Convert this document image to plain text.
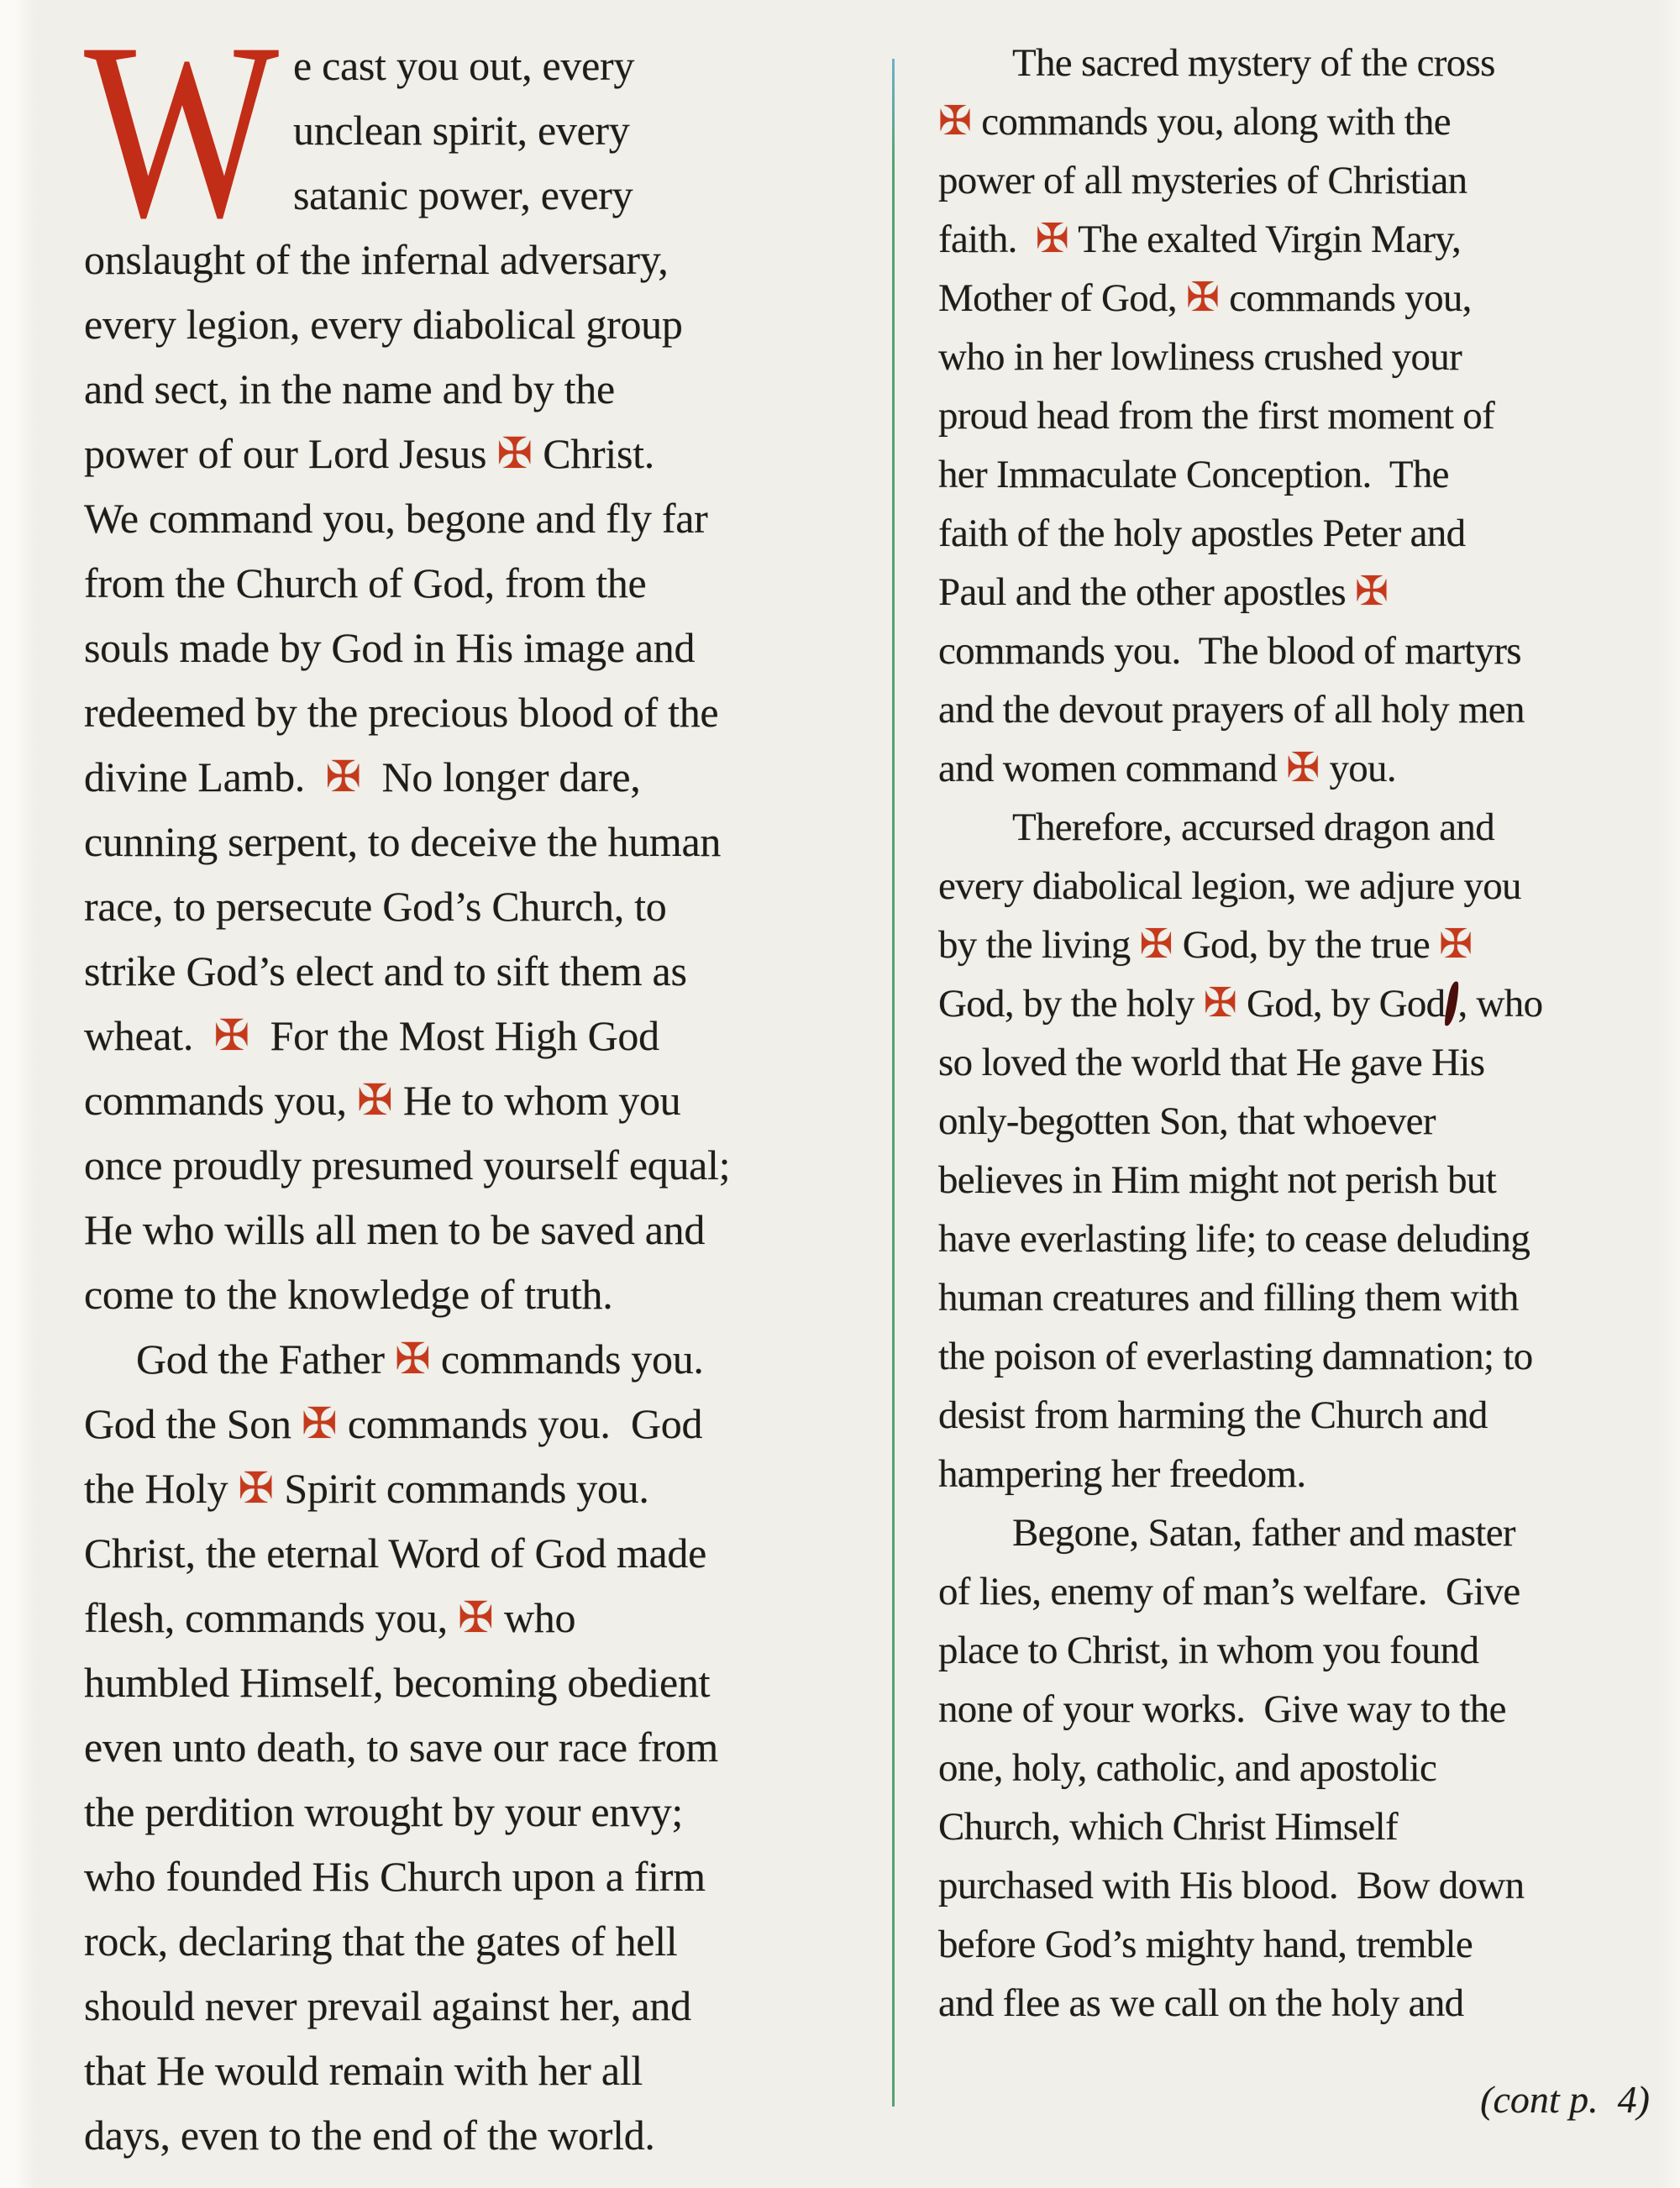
W e cast you out, every
unclean spirit, every
satanic power, every
onslaught of the infernal adversary,
every legion, every diabolical group
and sect, in the name and by the
power of our Lord Jesus ✠ Christ.
We command you, begone and fly far
from the Church of God, from the
souls made by God in His image and
redeemed by the precious blood of the
divine Lamb.  ✠  No longer dare,
cunning serpent, to deceive the human
race, to persecute God’s Church, to
strike God’s elect and to sift them as
wheat.  ✠  For the Most High God
commands you, ✠ He to whom you
once proudly presumed yourself equal;
He who wills all men to be saved and
come to the knowledge of truth.
God the Father ✠ commands you.
God the Son ✠ commands you.  God
the Holy ✠ Spirit commands you.
Christ, the eternal Word of God made
flesh, commands you, ✠ who
humbled Himself, becoming obedient
even unto death, to save our race from
the perdition wrought by your envy;
who founded His Church upon a firm
rock, declaring that the gates of hell
should never prevail against her, and
that He would remain with her all
days, even to the end of the world.
(cont p.  4)
The sacred mystery of the cross
✠ commands you, along with the
power of all mysteries of Christian
faith.  ✠ The exalted Virgin Mary,
Mother of God, ✠ commands you,
who in her lowliness crushed your
proud head from the first moment of
her Immaculate Conception.  The
faith of the holy apostles Peter and
Paul and the other apostles ✠
commands you.  The blood of martyrs
and the devout prayers of all holy men
and women command ✠ you.
Therefore, accursed dragon and
every diabolical legion, we adjure you
by the living ✠ God, by the true ✠
God, by the holy ✠ God, by God , who
so loved the world that He gave His
only-begotten Son, that whoever
believes in Him might not perish but
have everlasting life; to cease deluding
human creatures and filling them with
the poison of everlasting damnation; to
desist from harming the Church and
hampering her freedom.
Begone, Satan, father and master
of lies, enemy of man’s welfare.  Give
place to Christ, in whom you found
none of your works.  Give way to the
one, holy, catholic, and apostolic
Church, which Christ Himself
purchased with His blood.  Bow down
before God’s mighty hand, tremble
and flee as we call on the holy and
